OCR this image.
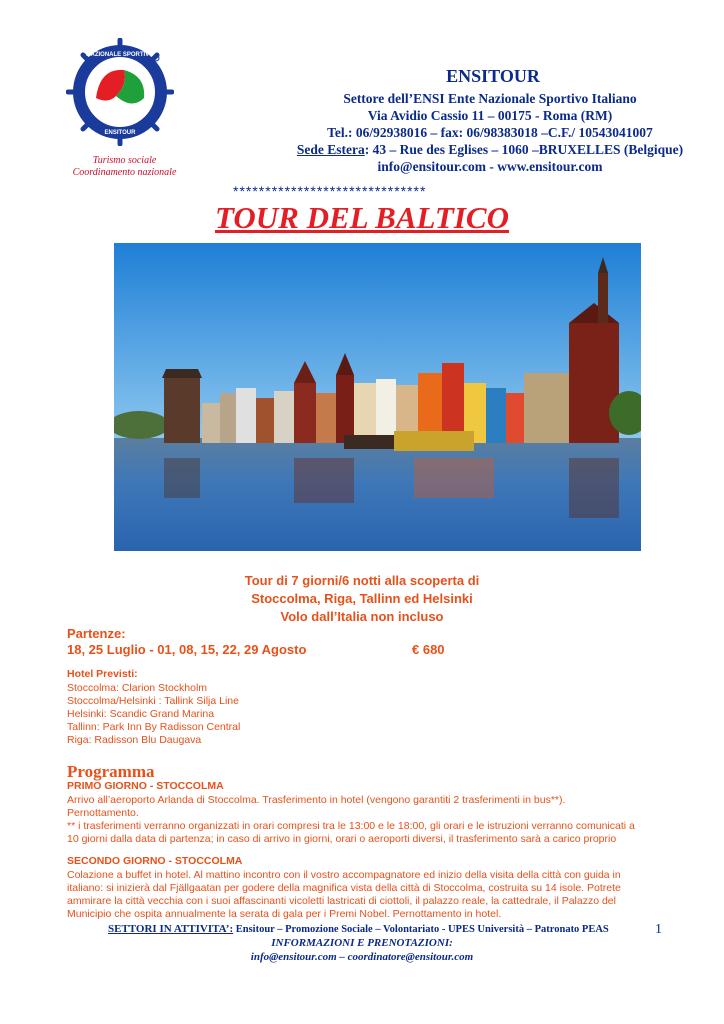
NAZIONALE SPORTIVO
ENSITOUR
Turismo sociale
Coordinamento nazionale
ENSITOUR
Settore dell’ENSI Ente Nazionale Sportivo Italiano
Via Avidio Cassio 11 – 00175 - Roma (RM)
Tel.: 06/92938016 – fax: 06/98383018 –C.F./ 10543041007
Sede Estera: 43 – Rue des Eglises – 1060 –BRUXELLES (Belgique)
info@ensitour.com - www.ensitour.com
******************************
TOUR DEL BALTICO
Tour di 7 giorni/6 notti alla scoperta di
Stoccolma, Riga, Tallinn ed Helsinki
Volo dall’Italia non incluso
Partenze:
18, 25 Luglio - 01, 08, 15, 22, 29 Agosto	€ 680
Hotel Previsti:
Stoccolma: Clarion Stockholm
Stoccolma/Helsinki : Tallink Silja Line
Helsinki: Scandic Grand Marina
Tallinn: Park Inn By Radisson Central
Riga: Radisson Blu Daugava
Programma
PRIMO GIORNO - STOCCOLMA
Arrivo all’aeroporto Arlanda di Stoccolma. Trasferimento in hotel (vengono garantiti 2 trasferimenti in bus**).
Pernottamento.
** i trasferimenti verranno organizzati in orari compresi tra le 13:00 e le 18:00, gli orari e le istruzioni verranno comunicati a
10 giorni dalla data di partenza; in caso di arrivo in giorni, orari o aeroporti diversi, il trasferimento sarà a carico proprio
SECONDO GIORNO - STOCCOLMA
Colazione a buffet in hotel. Al mattino incontro con il vostro accompagnatore ed inizio della visita della città con guida in
italiano: si inizierà dal Fjällgaatan per godere della magnifica vista della città di Stoccolma, costruita su 14 isole. Potrete
ammirare la città vecchia con i suoi affascinanti vicoletti lastricati di ciottoli, il palazzo reale, la cattedrale, il Palazzo del
Municipio che ospita annualmente la serata di gala per i Premi Nobel. Pernottamento in hotel.
SETTORI IN ATTIVITA’: Ensitour – Promozione Sociale – Volontariato - UPES Università – Patronato PEAS	1
INFORMAZIONI E PRENOTAZIONI:
info@ensitour.com – coordinatore@ensitour.com
